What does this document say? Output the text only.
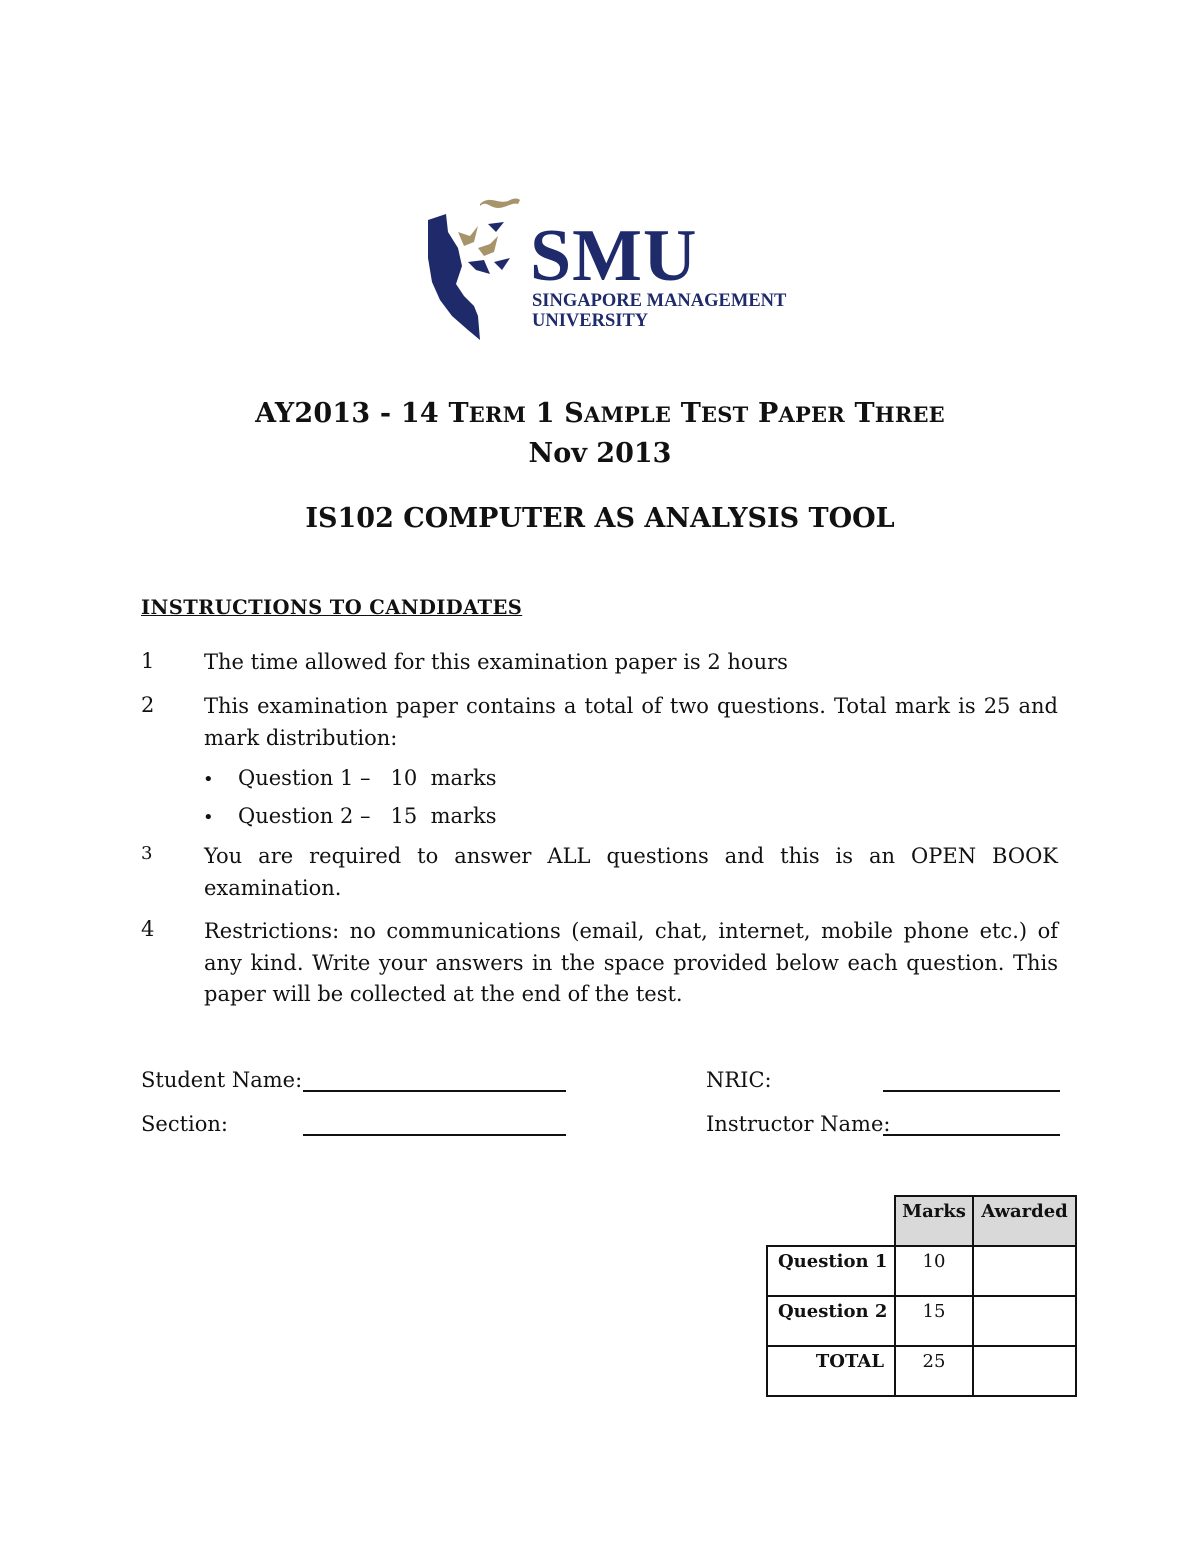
SMU
SINGAPORE MANAGEMENT
UNIVERSITY
AY2013 - 14 TERM 1 SAMPLE TEST PAPER THREE
Nov 2013
IS102 COMPUTER AS ANALYSIS TOOL
INSTRUCTIONS TO CANDIDATES
1 The time allowed for this examination paper is 2 hours
2 This examination paper contains a total of two questions. Total mark is 25 and mark distribution:
• Question 1 –   10  marks
• Question 2 –   15  marks
3 You are required to answer ALL questions and this is an OPEN BOOK examination.
4 Restrictions: no communications (email, chat, internet, mobile phone etc.) of any kind. Write your answers in the space provided below each question. This paper will be collected at the end of the test.
Student Name:	NRIC:
Section:	Instructor Name:
	Marks	Awarded
Question 1	10	
Question 2	15	
TOTAL	25	
